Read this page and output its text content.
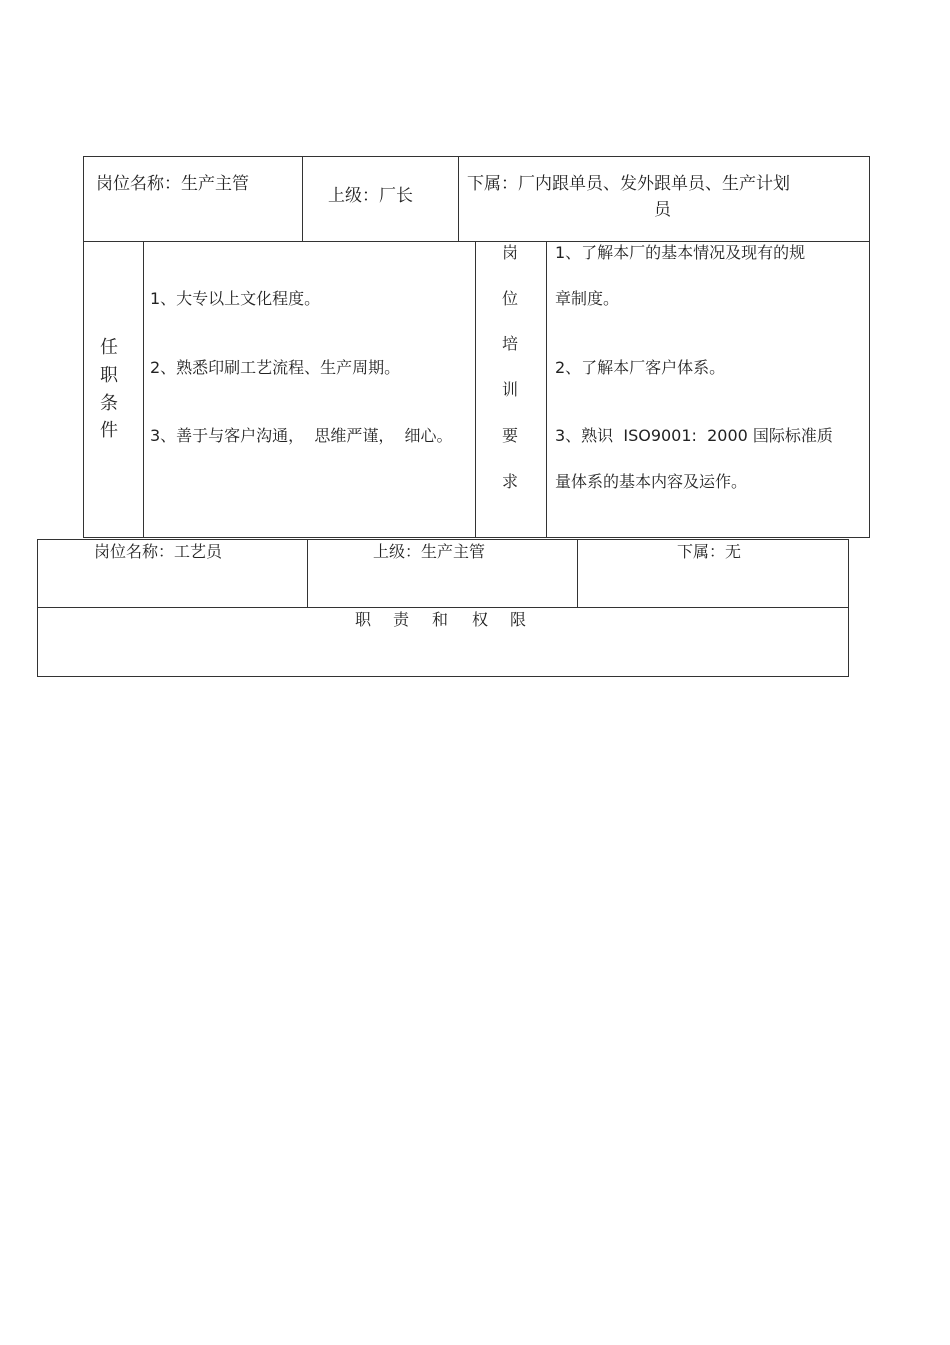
岗位名称：生产主管
上级：厂长
下属：厂内跟单员、发外跟单员、生产计划
员
任
职
条
件
1、大专以上文化程度。
2、熟悉印刷工艺流程、生产周期。
3、善于与客户沟通，  思维严谨，  细心。
岗
位
培
训
要
求
1、了解本厂的基本情况及现有的规
章制度。
2、了解本厂客户体系。
3、熟识  ISO9001:  2000 国际标准质
量体系的基本内容及运作。
岗位名称：工艺员	上级：生产主管	下属：无
职 责 和 权 限
